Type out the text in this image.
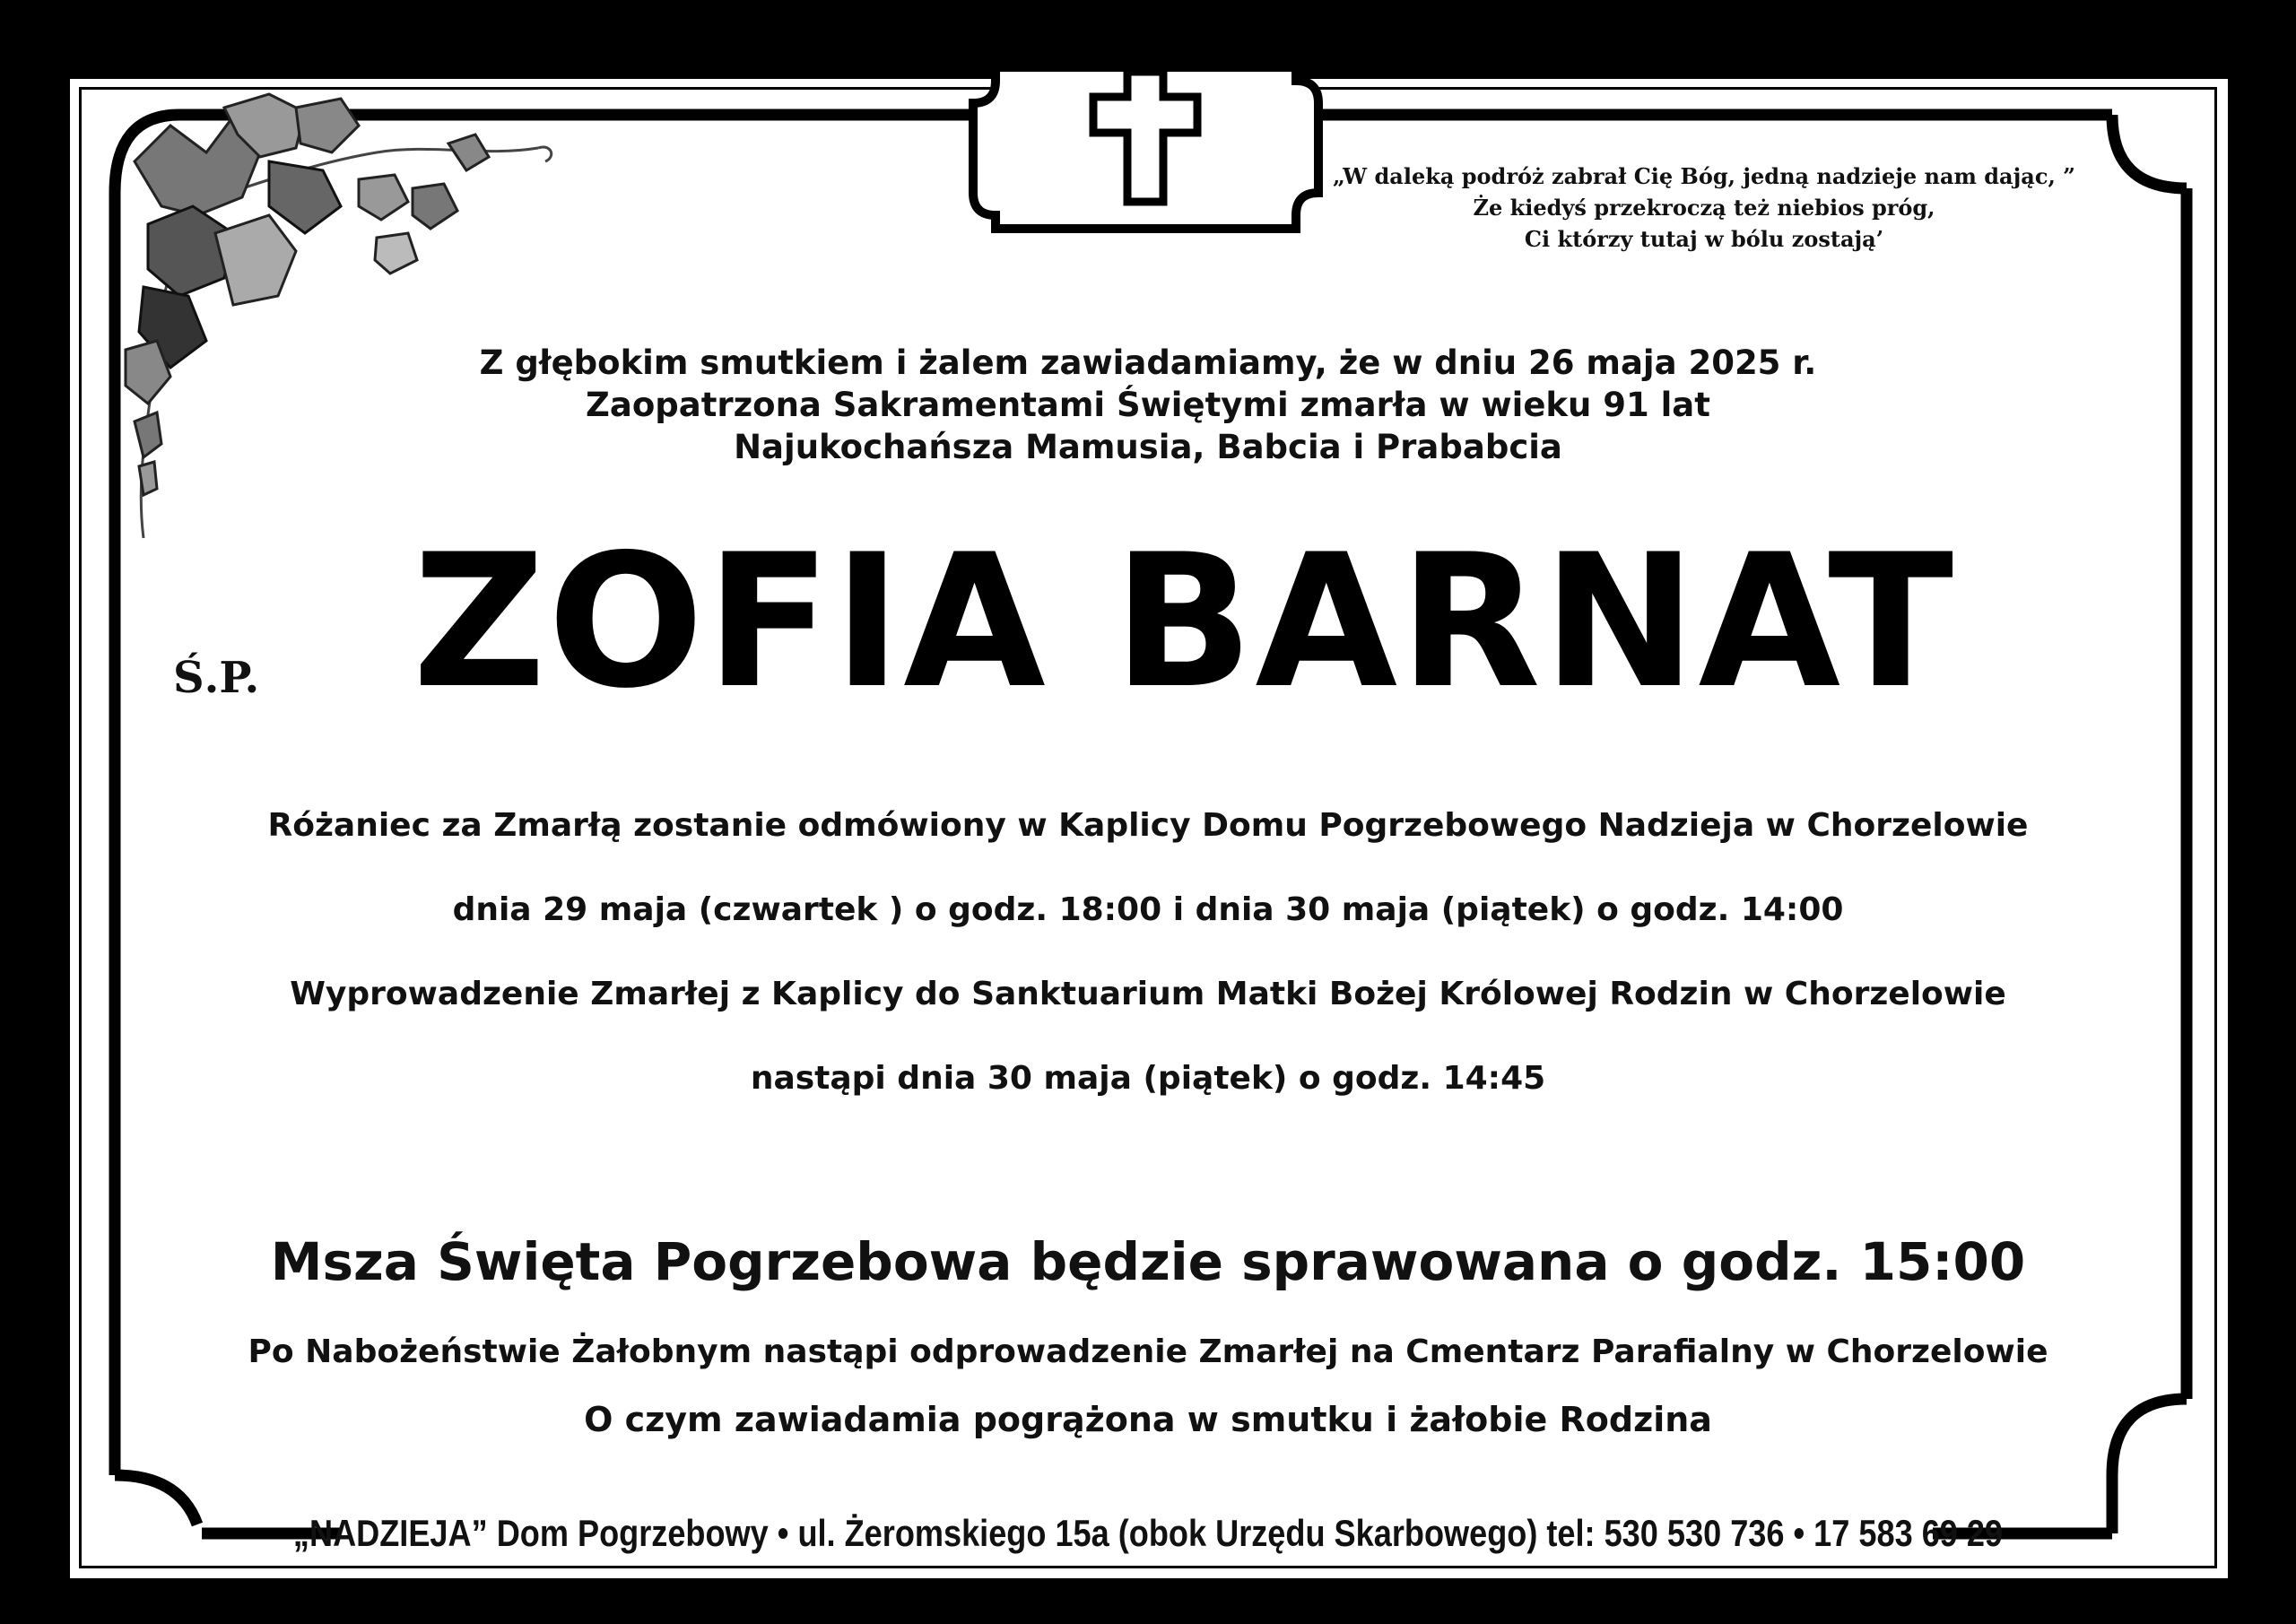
„W daleką podróż zabrał Cię Bóg, jedną nadzieje nam dając, ”
Że kiedyś przekroczą też niebios próg,
Ci którzy tutaj w bólu zostają’
Z głębokim smutkiem i żalem zawiadamiamy, że w dniu 26 maja 2025 r.
Zaopatrzona Sakramentami Świętymi zmarła w wieku 91 lat
Najukochańsza Mamusia, Babcia i Prababcia
Ś.P. ZOFIA BARNAT
Różaniec za Zmarłą zostanie odmówiony w Kaplicy Domu Pogrzebowego Nadzieja w Chorzelowie
dnia 29 maja (czwartek ) o godz. 18:00 i dnia 30 maja (piątek) o godz. 14:00
Wyprowadzenie Zmarłej z Kaplicy do Sanktuarium Matki Bożej Królowej Rodzin w Chorzelowie
nastąpi dnia 30 maja (piątek) o godz. 14:45
Msza Święta Pogrzebowa będzie sprawowana o godz. 15:00
Po Nabożeństwie Żałobnym nastąpi odprowadzenie Zmarłej na Cmentarz Parafialny w Chorzelowie
O czym zawiadamia pogrążona w smutku i żałobie Rodzina
„NADZIEJA” Dom Pogrzebowy • ul. Żeromskiego 15a (obok Urzędu Skarbowego) tel: 530 530 736 • 17 583 69 29
